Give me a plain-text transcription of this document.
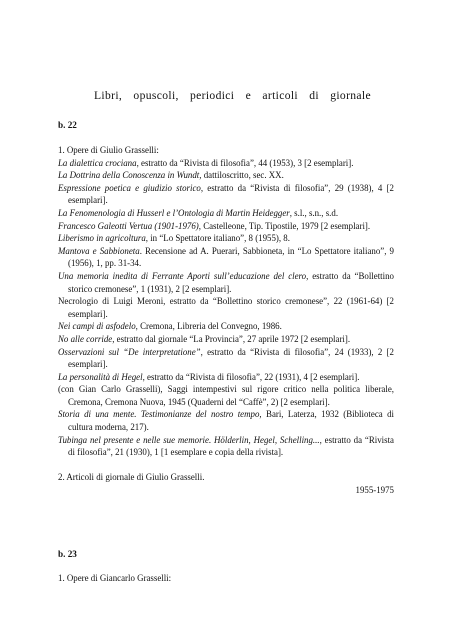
Libri, opuscoli, periodici e articoli di giornale
b. 22

1. Opere di Giulio Grasselli:

La dialettica crociana, estratto da “Rivista di filosofia”, 44 (1953), 3 [2 esemplari].

La Dottrina della Conoscenza in Wundt, dattiloscritto, sec. XX.

Espressione poetica e giudizio storico, estratto da “Rivista di filosofia”, 29 (1938), 4 [2 esemplari].

La Fenomenologia di Husserl e l’Ontologia di Martin Heidegger, s.l., s.n., s.d.

Francesco Galeotti Vertua (1901-1976), Castelleone, Tip. Tipostile, 1979 [2 esemplari].

Liberismo in agricoltura, in “Lo Spettatore italiano”, 8 (1955), 8.

Mantova e Sabbioneta. Recensione ad A. Puerari, Sabbioneta, in “Lo Spettatore italiano”, 9 (1956), 1, pp. 31-34.

Una memoria inedita di Ferrante Aporti sull’educazione del clero, estratto da “Bollettino storico cremonese”, 1 (1931), 2 [2 esemplari].

Necrologio di Luigi Meroni, estratto da “Bollettino storico cremonese”, 22 (1961-64) [2 esemplari].

Nei campi di asfodelo, Cremona, Libreria del Convegno, 1986.

No alle corride, estratto dal giornale “La Provincia”, 27 aprile 1972 [2 esemplari].

Osservazioni sul “De interpretatione”, estratto da “Rivista di filosofia”, 24 (1933), 2 [2 esemplari].

La personalità di Hegel, estratto da “Rivista di filosofia”, 22 (1931), 4 [2 esemplari].

(con Gian Carlo Grasselli), Saggi intempestivi sul rigore critico nella politica liberale, Cremona, Cremona Nuova, 1945 (Quaderni del “Caffè”, 2) [2 esemplari].

Storia di una mente. Testimonianze del nostro tempo, Bari, Laterza, 1932 (Biblioteca di cultura moderna, 217).

Tubinga nel presente e nelle sue memorie. Hölderlin, Hegel, Schelling..., estratto da “Rivista di filosofia”, 21 (1930), 1 [1 esemplare e copia della rivista].

2. Articoli di giornale di Giulio Grasselli.

1955-1975

b. 23

1. Opere di Giancarlo Grasselli:
